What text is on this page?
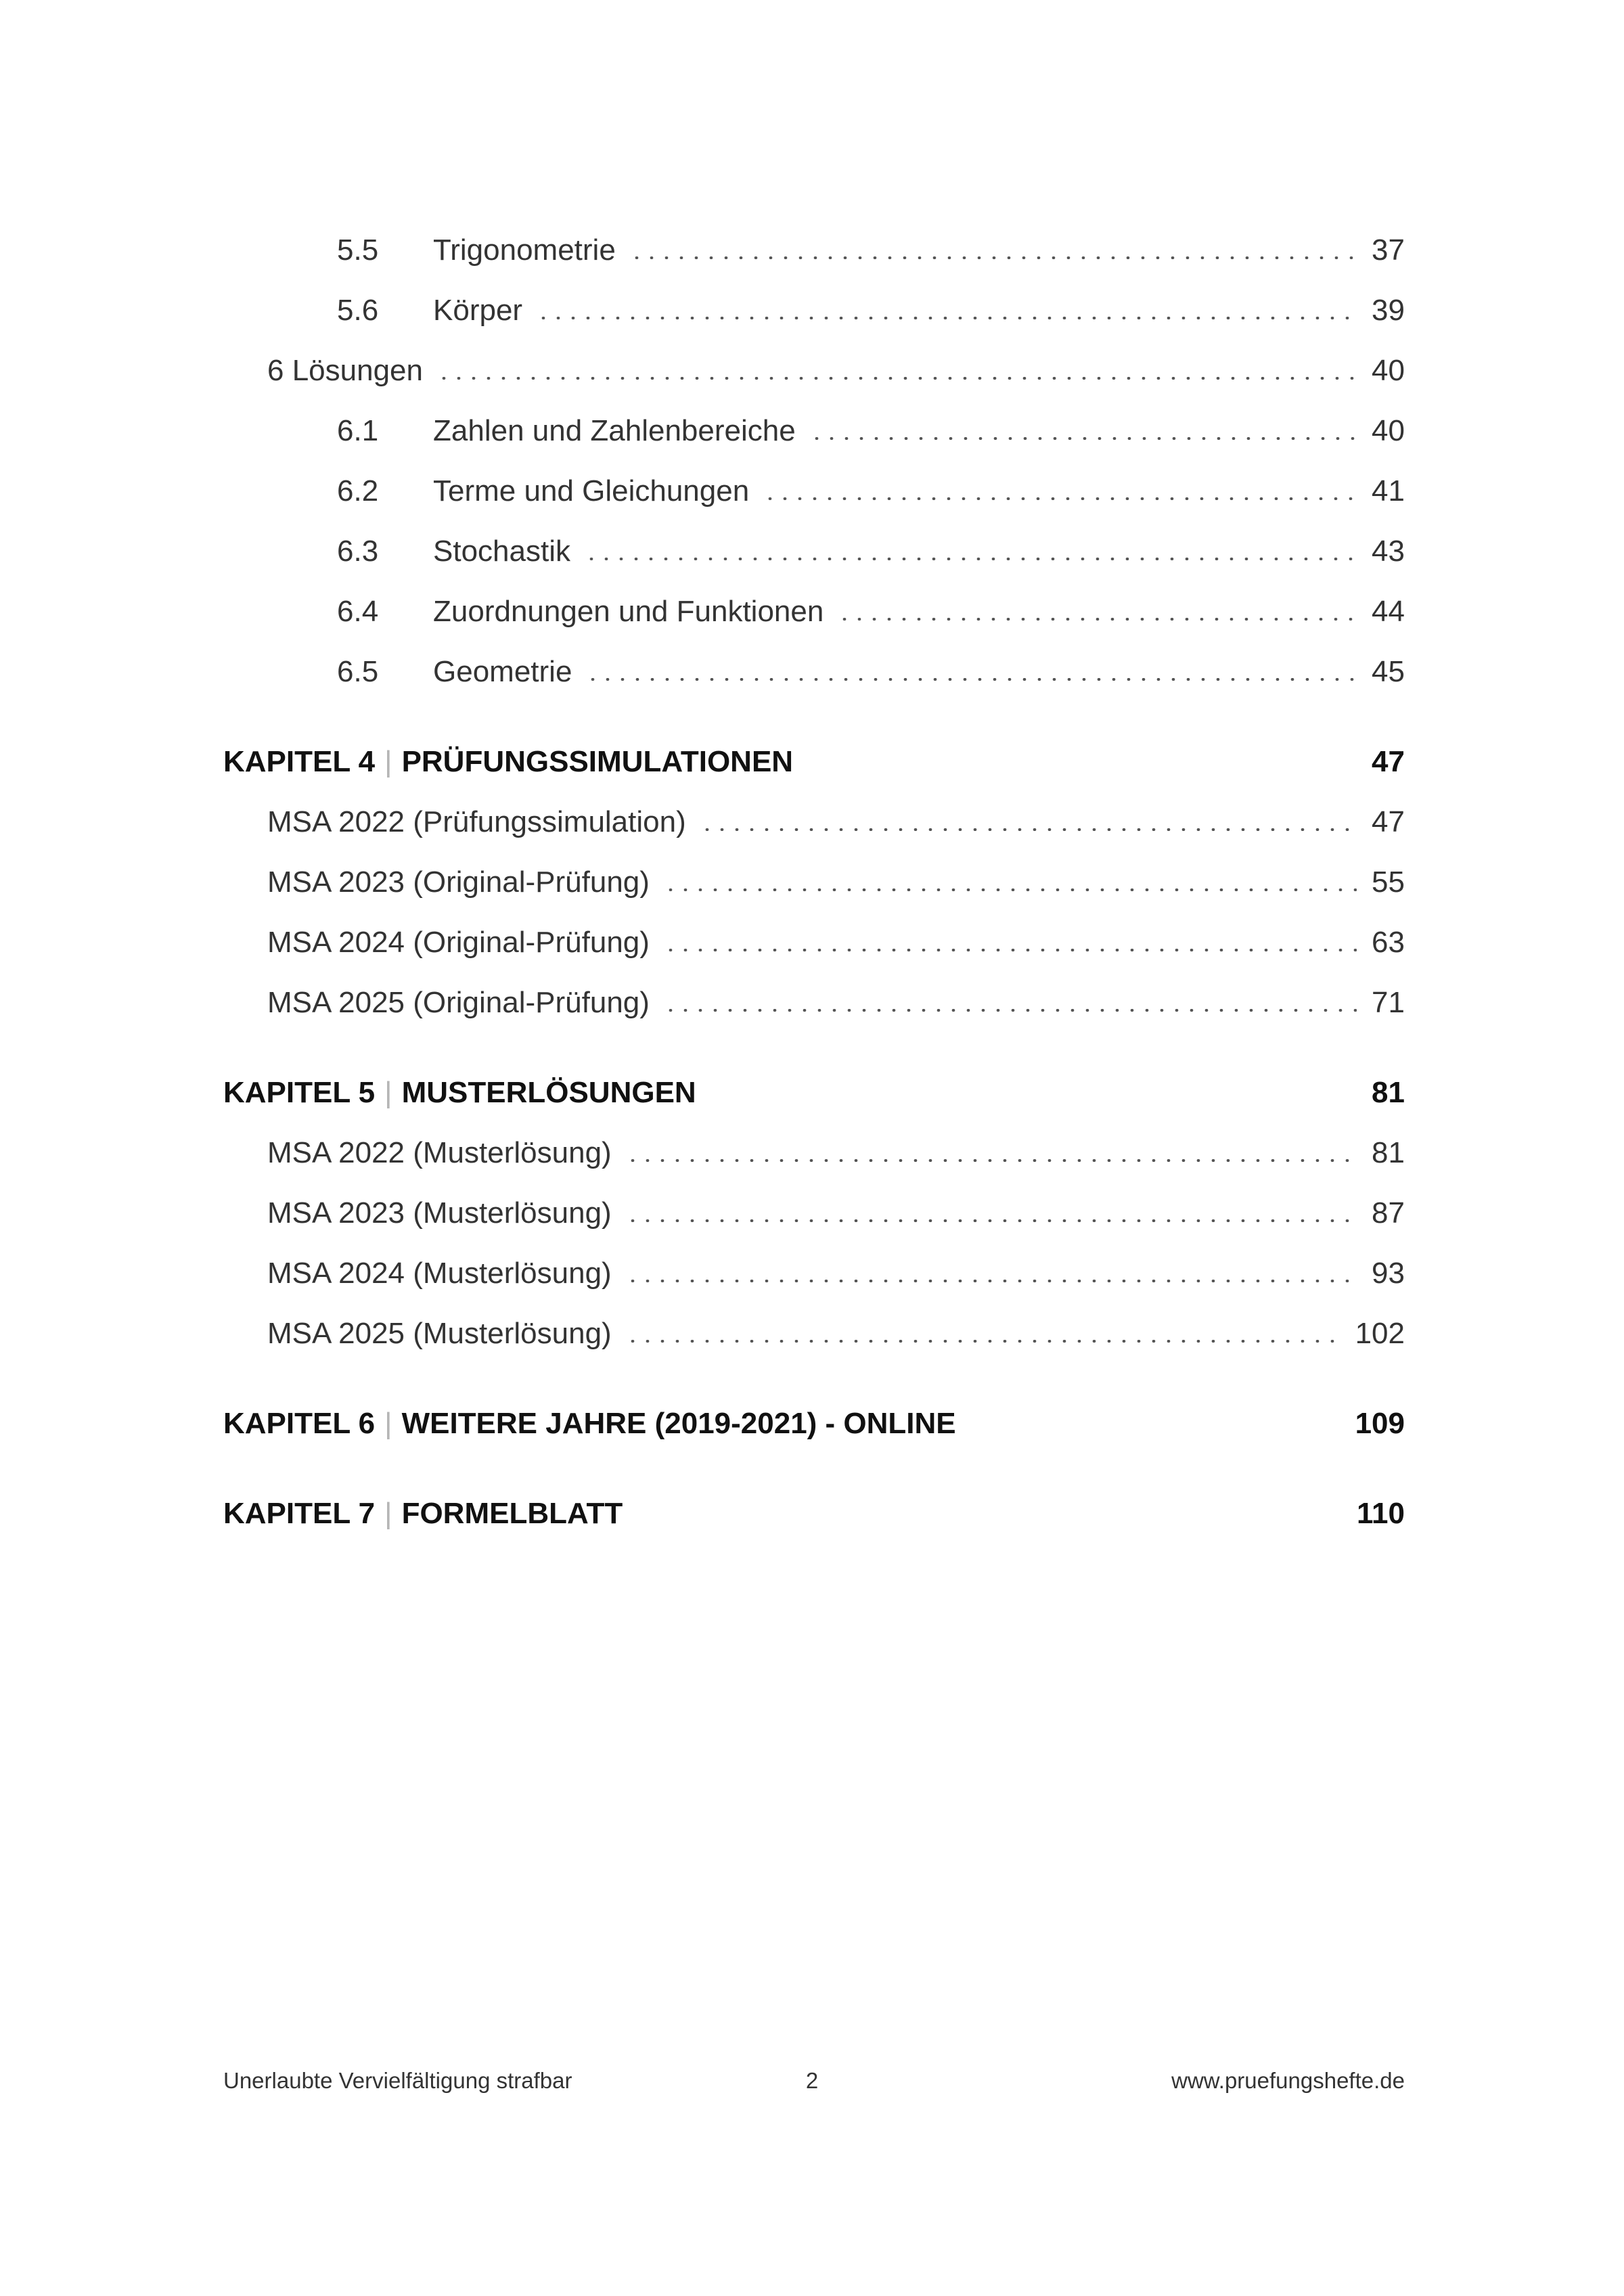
5.5	Trigonometrie	37
5.6	Körper	39
6 Lösungen	40
6.1	Zahlen und Zahlenbereiche	40
6.2	Terme und Gleichungen	41
6.3	Stochastik	43
6.4	Zuordnungen und Funktionen	44
6.5	Geometrie	45
KAPITEL 4 | PRÜFUNGSSIMULATIONEN	47
MSA 2022 (Prüfungssimulation)	47
MSA 2023 (Original-Prüfung)	55
MSA 2024 (Original-Prüfung)	63
MSA 2025 (Original-Prüfung)	71
KAPITEL 5 | MUSTERLÖSUNGEN	81
MSA 2022 (Musterlösung)	81
MSA 2023 (Musterlösung)	87
MSA 2024 (Musterlösung)	93
MSA 2025 (Musterlösung)	102
KAPITEL 6 | WEITERE JAHRE (2019-2021) - ONLINE	109
KAPITEL 7 | FORMELBLATT	110
Unerlaubte Vervielfältigung strafbar	2	www.pruefungshefte.de
